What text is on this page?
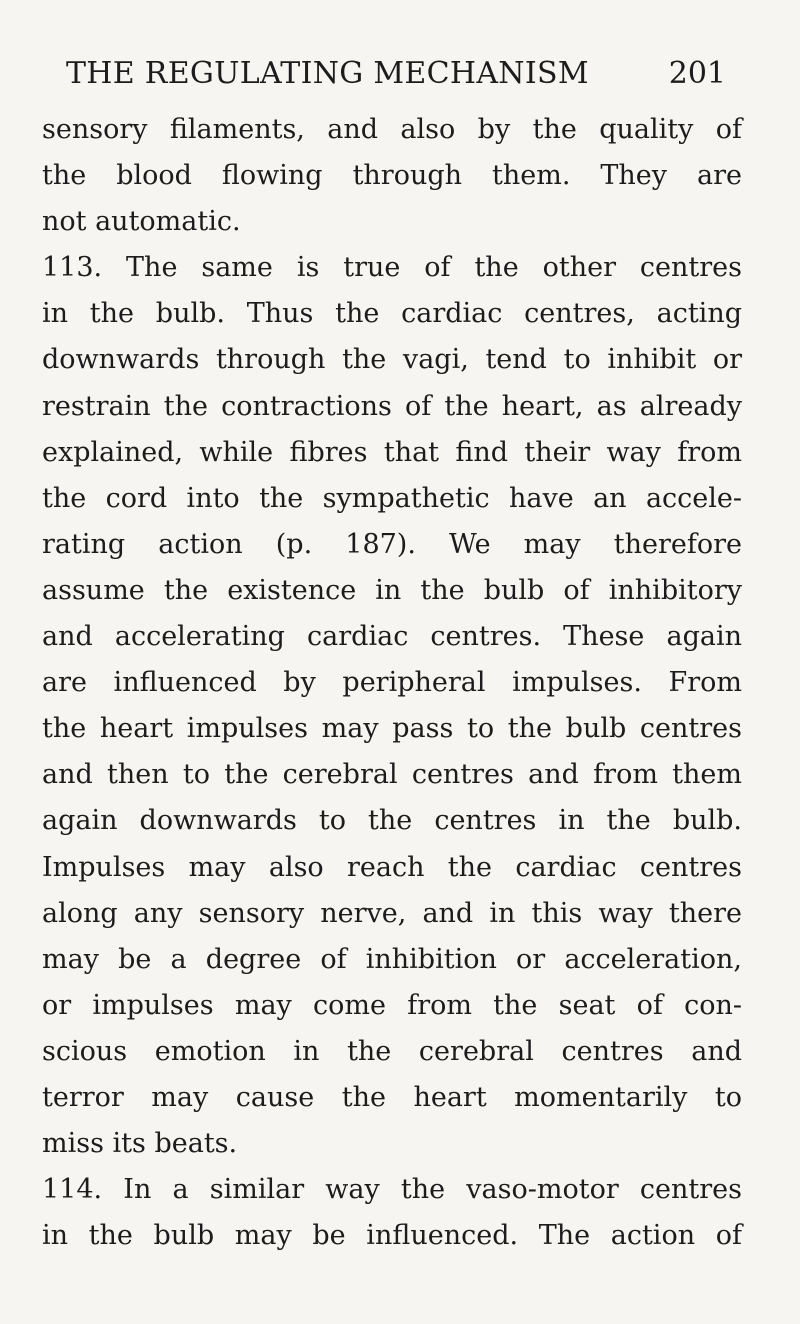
THE REGULATING MECHANISM	201
sensory filaments, and also by the quality of
the blood flowing through them. They are
not automatic.
113. The same is true of the other centres
in the bulb. Thus the cardiac centres, acting
downwards through the vagi, tend to inhibit or
restrain the contractions of the heart, as already
explained, while fibres that find their way from
the cord into the sympathetic have an accele-
rating action (p. 187). We may therefore
assume the existence in the bulb of inhibitory
and accelerating cardiac centres. These again
are influenced by peripheral impulses. From
the heart impulses may pass to the bulb centres
and then to the cerebral centres and from them
again downwards to the centres in the bulb.
Impulses may also reach the cardiac centres
along any sensory nerve, and in this way there
may be a degree of inhibition or acceleration,
or impulses may come from the seat of con-
scious emotion in the cerebral centres and
terror may cause the heart momentarily to
miss its beats.
114. In a similar way the vaso-motor centres
in the bulb may be influenced. The action of
